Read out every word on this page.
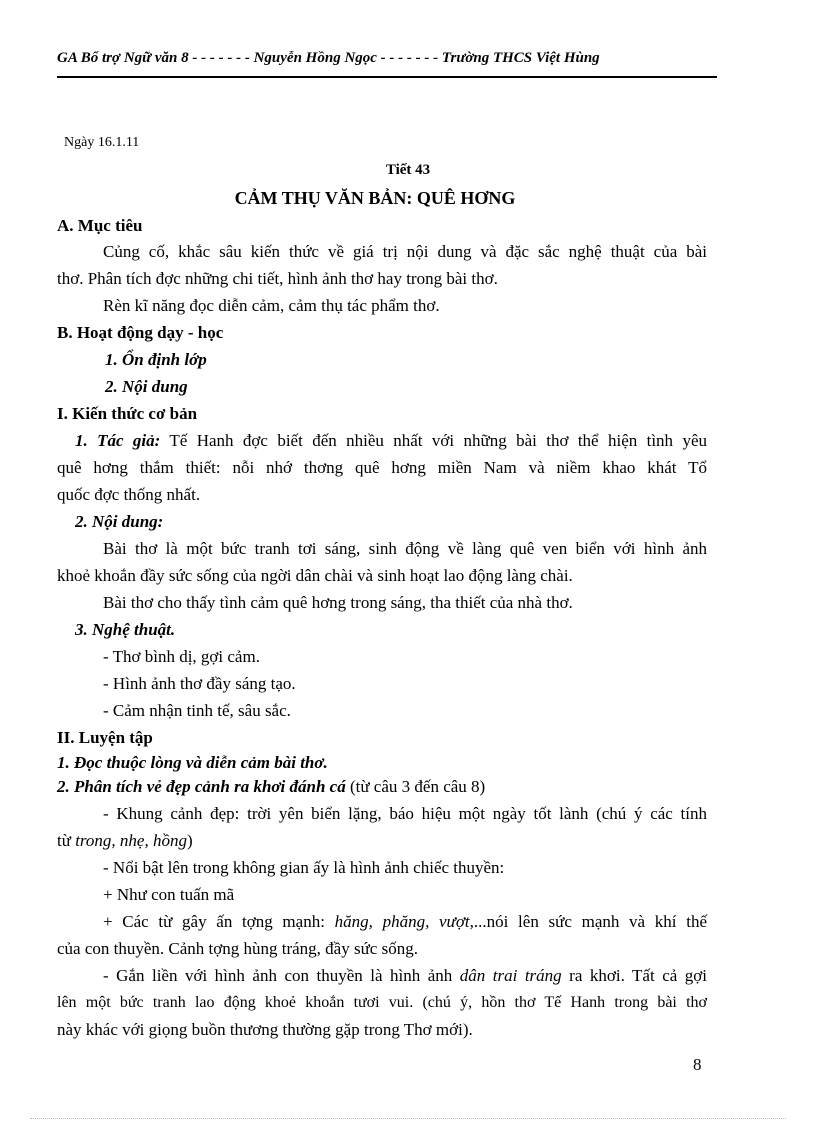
GA Bổ trợ Ngữ văn 8 - - - - - - - Nguyễn Hồng Ngọc - - - - - - - Trường THCS Việt Hùng
Ngày 16.1.11
Tiết 43
CẢM THỤ VĂN BẢN: QUÊ HƠNG
A. Mục tiêu
Củng cố, khắc sâu kiến thức về giá trị nội dung và đặc sắc nghệ thuật của bài
thơ. Phân tích đợc những chi tiết, hình ảnh thơ hay trong bài thơ.
Rèn kĩ năng đọc diễn cảm, cảm thụ tác phẩm thơ.
B. Hoạt động dạy - học
1. Ổn định lớp
2. Nội dung
I. Kiến thức cơ bản
1. Tác giả: Tế Hanh đợc biết đến nhiều nhất với những bài thơ thể hiện tình yêu
quê hơng thắm thiết: nỗi nhớ thơng quê hơng miền Nam và niềm khao khát Tổ
quốc đợc thống nhất.
2. Nội dung:
Bài thơ là một bức tranh tơi sáng, sinh động về làng quê ven biển với hình ảnh
khoẻ khoắn đầy sức sống của ngời dân chài và sinh hoạt lao động làng chài.
Bài thơ cho thấy tình cảm quê hơng trong sáng, tha thiết của nhà thơ.
3. Nghệ thuật.
- Thơ bình dị, gợi cảm.
- Hình ảnh thơ đầy sáng tạo.
- Cảm nhận tinh tế, sâu sắc.
II. Luyện tập
1. Đọc thuộc lòng và diễn cảm bài thơ.
2. Phân tích vẻ đẹp cảnh ra khơi đánh cá (từ câu 3 đến câu 8)
- Khung cảnh đẹp: trời yên biển lặng, báo hiệu một ngày tốt lành (chú ý các tính
từ trong, nhẹ, hồng)
- Nổi bật lên trong không gian ấy là hình ảnh chiếc thuyền:
+ Như con tuấn mã
+ Các từ gây ấn tợng mạnh: hăng, phăng, vượt,...nói lên sức mạnh và khí thế
của con thuyền. Cảnh tợng hùng tráng, đầy sức sống.
- Gắn liền với hình ảnh con thuyền là hình ảnh dân trai tráng ra khơi. Tất cả gợi
lên một bức tranh lao động khoẻ khoắn tươi vui. (chú ý, hồn thơ Tế Hanh trong bài thơ
này khác với giọng buồn thương thường gặp trong Thơ mới).
8
